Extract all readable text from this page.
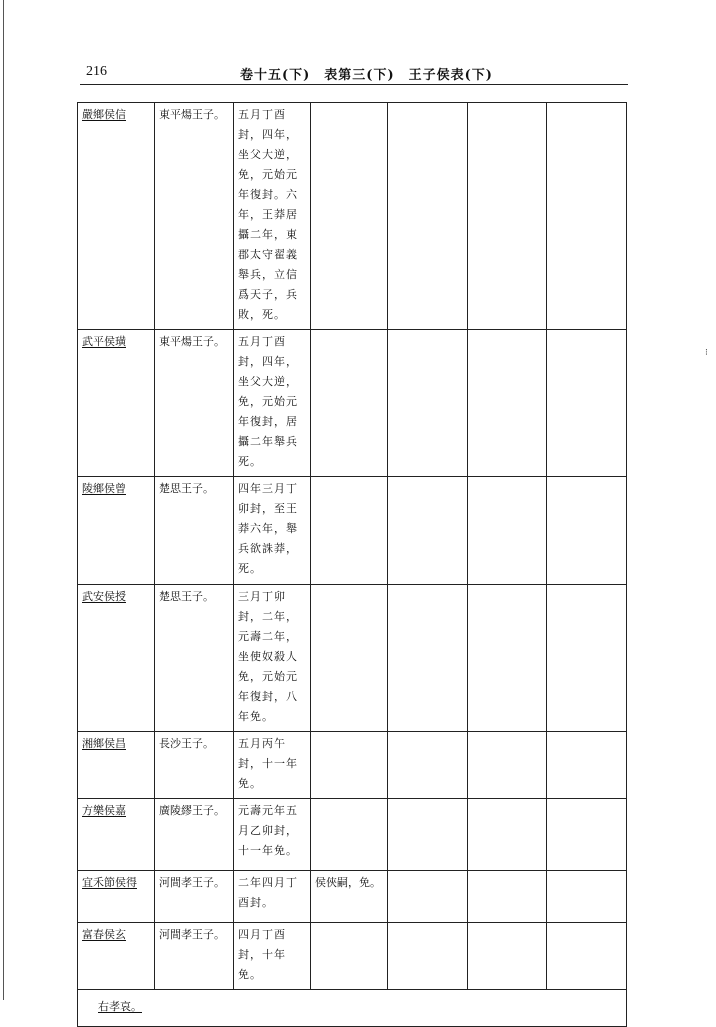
216	卷十五(下)　表第三(下)　王子侯表(下)
嚴鄉侯信	東平煬王子。	五月丁酉封，四年，坐父大逆，免，元始元年復封。六年，王莽居攝二年，東郡太守翟義舉兵，立信爲天子，兵敗，死。				
武平侯璜	東平煬王子。	五月丁酉封，四年，坐父大逆，免，元始元年復封，居攝二年舉兵死。				
陵鄉侯曾	楚思王子。	四年三月丁卯封，至王莽六年，舉兵欲誅莽，死。				
武安侯授	楚思王子。	三月丁卯封，二年，元壽二年，坐使奴殺人免，元始元年復封，八年免。				
湘鄉侯昌	長沙王子。	五月丙午封，十一年免。				
方樂侯嘉	廣陵繆王子。	元壽元年五月乙卯封，十一年免。				
宜禾節侯得	河間孝王子。	二年四月丁酉封。	侯俠嗣，免。			
富春侯玄	河間孝王子。	四月丁酉封，十年免。				
右孝哀。						
⁝
